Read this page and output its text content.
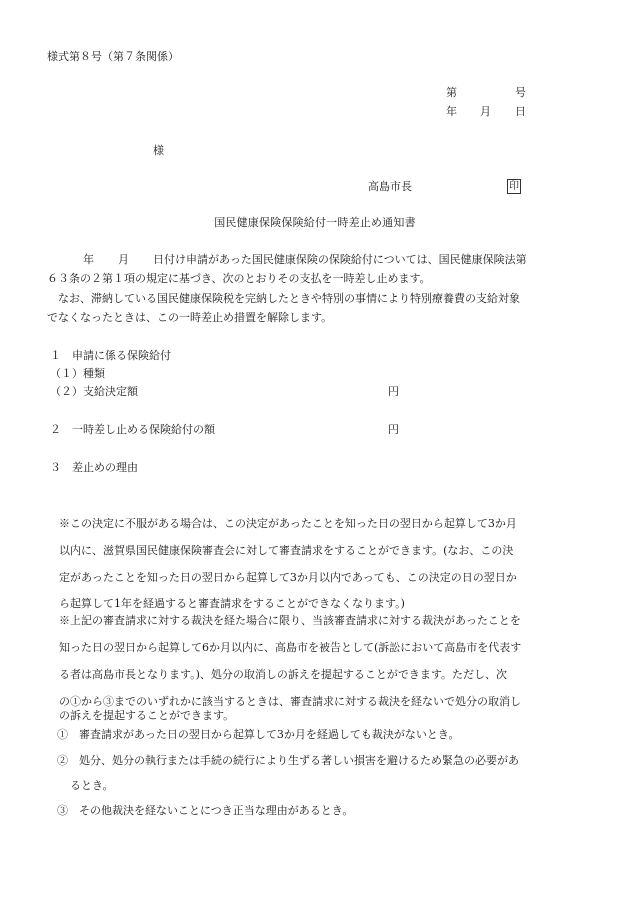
様式第８号（第７条関係）
第	号
年 月 日
様
高島市長	印
国民健康保険保険給付一時差止め通知書
年 月 日付け申請があった国民健康保険の保険給付については、国民健康保険法第
６３条の２第１項の規定に基づき、次のとおりその支払を一時差し止めます。
　なお、滞納している国民健康保険税を完納したときや特別の事情により特別療養費の支給対象
でなくなったときは、この一時差止め措置を解除します。
１　申請に係る保険給付
（１）種類
（２）支給決定額	円
２　一時差し止める保険給付の額	円
３　差止めの理由
※この決定に不服がある場合は、この決定があったことを知った日の翌日から起算して3か月
以内に、滋賀県国民健康保険審査会に対して審査請求をすることができます。(なお、この決
定があったことを知った日の翌日から起算して3か月以内であっても、この決定の日の翌日か
ら起算して1年を経過すると審査請求をすることができなくなります。)
※上記の審査請求に対する裁決を経た場合に限り、当該審査請求に対する裁決があったことを
知った日の翌日から起算して6か月以内に、高島市を被告として(訴訟において高島市を代表す
る者は高島市長となります。)、処分の取消しの訴えを提起することができます。ただし、次
の①から③までのいずれかに該当するときは、審査請求に対する裁決を経ないで処分の取消し
の訴えを提起することができます。
①　審査請求があった日の翌日から起算して3か月を経過しても裁決がないとき。
②　処分、処分の執行または手続の続行により生ずる著しい損害を避けるため緊急の必要があ
るとき。
③　その他裁決を経ないことにつき正当な理由があるとき。
